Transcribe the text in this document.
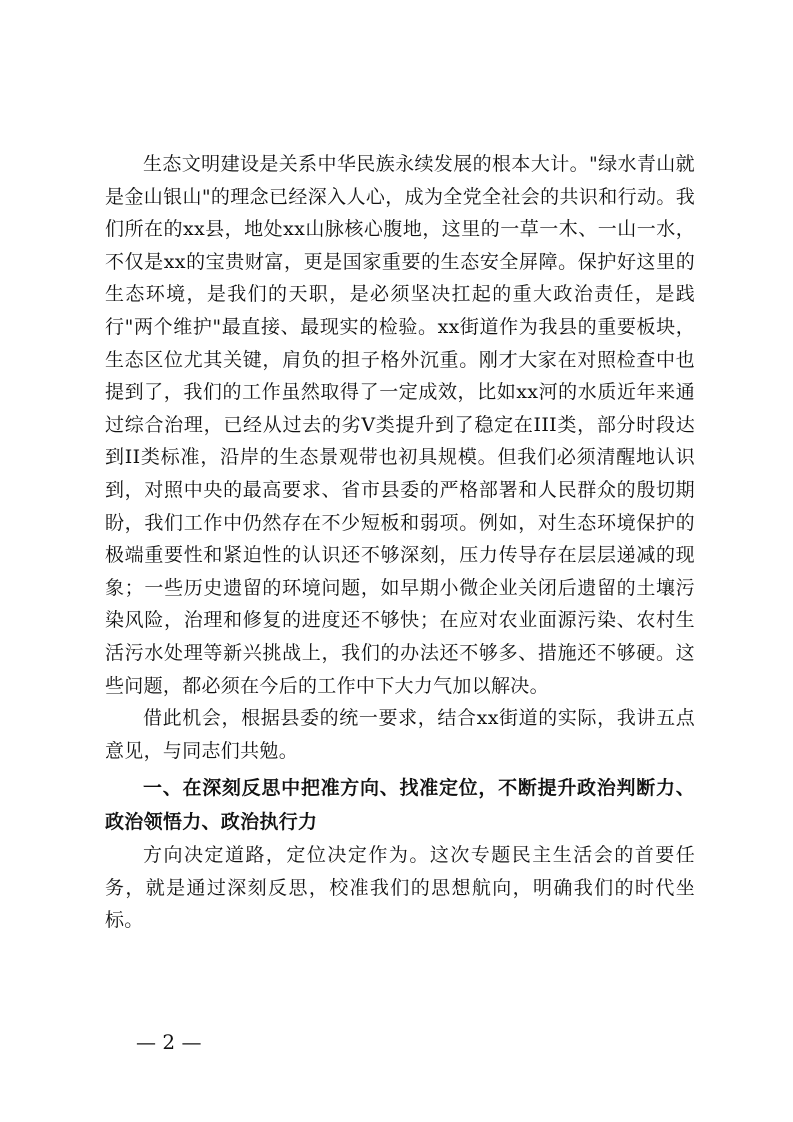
生态文明建设是关系中华民族永续发展的根本大计。"绿水青山就是金山银山"的理念已经深入人心，成为全党全社会的共识和行动。我们所在的xx县，地处xx山脉核心腹地，这里的一草一木、一山一水，不仅是xx的宝贵财富，更是国家重要的生态安全屏障。保护好这里的生态环境，是我们的天职，是必须坚决扛起的重大政治责任，是践行"两个维护"最直接、最现实的检验。xx街道作为我县的重要板块，生态区位尤其关键，肩负的担子格外沉重。刚才大家在对照检查中也提到了，我们的工作虽然取得了一定成效，比如xx河的水质近年来通过综合治理，已经从过去的劣V类提升到了稳定在III类，部分时段达到II类标准，沿岸的生态景观带也初具规模。但我们必须清醒地认识到，对照中央的最高要求、省市县委的严格部署和人民群众的殷切期盼，我们工作中仍然存在不少短板和弱项。例如，对生态环境保护的极端重要性和紧迫性的认识还不够深刻，压力传导存在层层递减的现象；一些历史遗留的环境问题，如早期小微企业关闭后遗留的土壤污染风险，治理和修复的进度还不够快；在应对农业面源污染、农村生活污水处理等新兴挑战上，我们的办法还不够多、措施还不够硬。这些问题，都必须在今后的工作中下大力气加以解决。

借此机会，根据县委的统一要求，结合xx街道的实际，我讲五点意见，与同志们共勉。

一、在深刻反思中把准方向、找准定位，不断提升政治判断力、政治领悟力、政治执行力

方向决定道路，定位决定作为。这次专题民主生活会的首要任务，就是通过深刻反思，校准我们的思想航向，明确我们的时代坐标。

— 2 —
